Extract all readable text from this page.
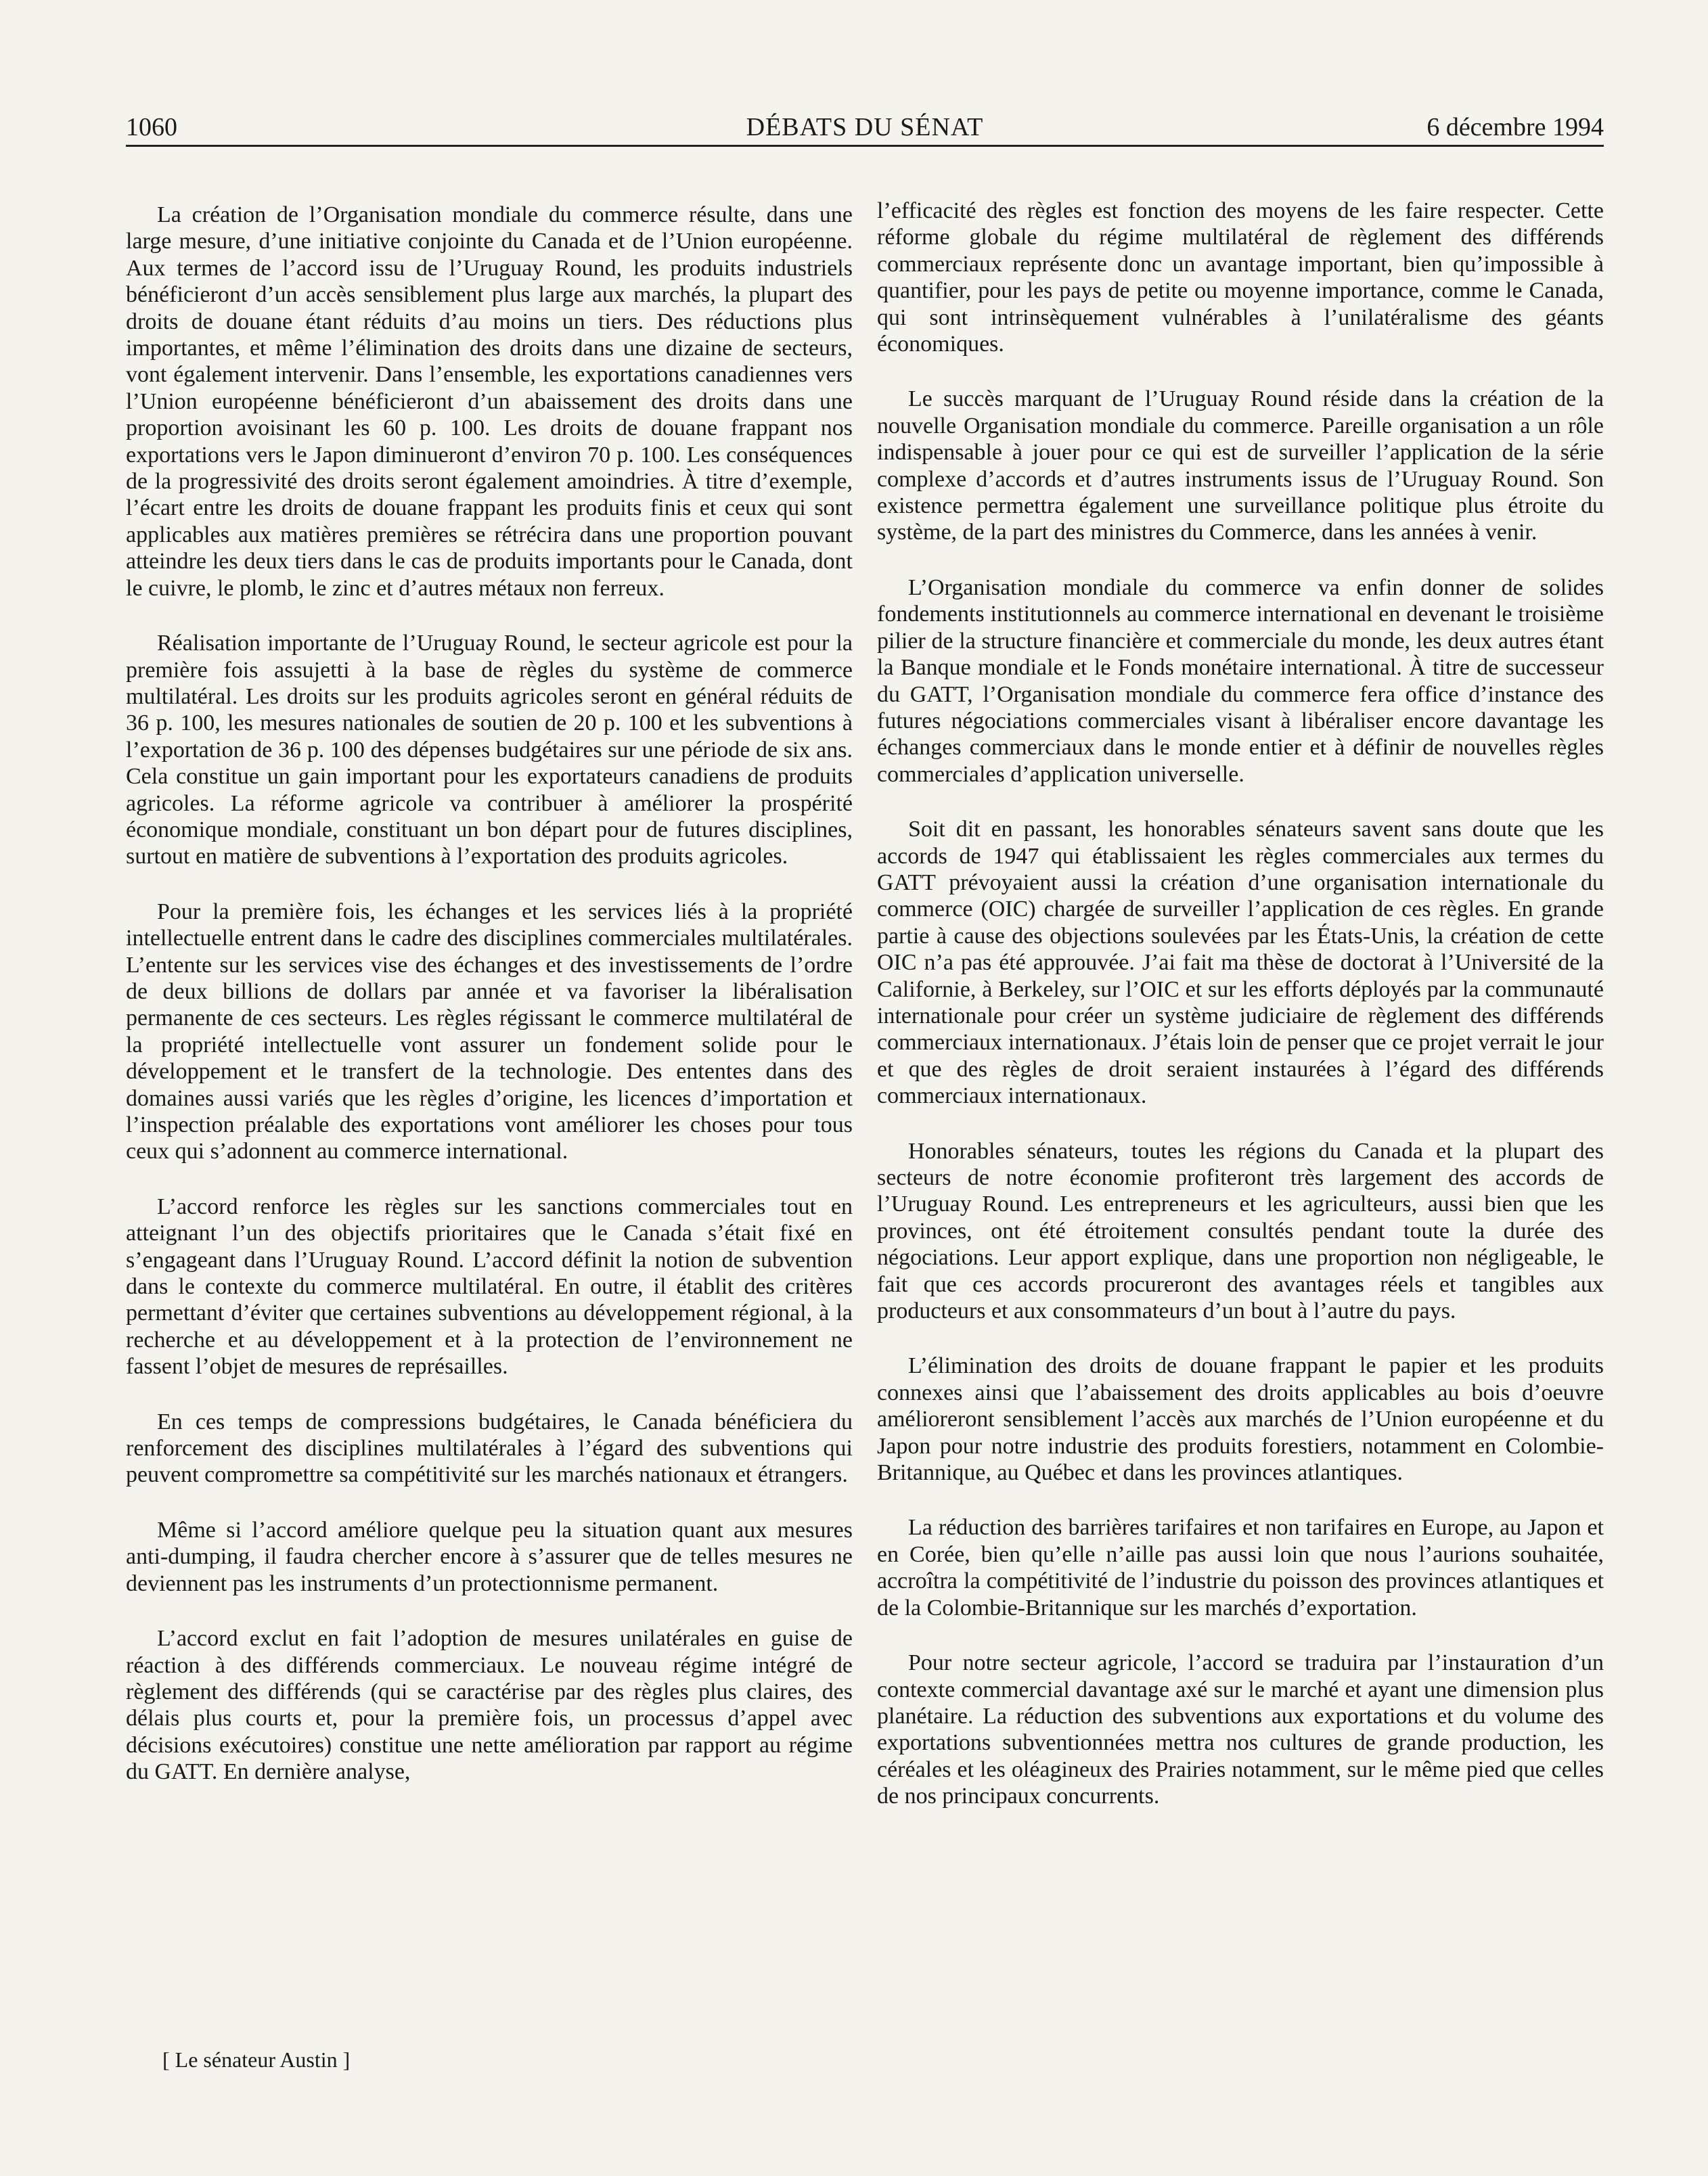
1060	DÉBATS DU SÉNAT	6 décembre 1994

La création de l’Organisation mondiale du commerce résulte, dans une large mesure, d’une initiative conjointe du Canada et de l’Union européenne. Aux termes de l’accord issu de l’Uruguay Round, les produits industriels bénéficieront d’un accès sensiblement plus large aux marchés, la plupart des droits de douane étant réduits d’au moins un tiers. Des réductions plus importantes, et même l’élimination des droits dans une dizaine de secteurs, vont également intervenir. Dans l’ensemble, les exportations canadiennes vers l’Union européenne bénéficieront d’un abaissement des droits dans une proportion avoisinant les 60 p. 100. Les droits de douane frappant nos exportations vers le Japon diminueront d’environ 70 p. 100. Les conséquences de la progressivité des droits seront également amoindries. À titre d’exemple, l’écart entre les droits de douane frappant les produits finis et ceux qui sont applicables aux matières premières se rétrécira dans une proportion pouvant atteindre les deux tiers dans le cas de produits importants pour le Canada, dont le cuivre, le plomb, le zinc et d’autres métaux non ferreux.

Réalisation importante de l’Uruguay Round, le secteur agricole est pour la première fois assujetti à la base de règles du système de commerce multilatéral. Les droits sur les produits agricoles seront en général réduits de 36 p. 100, les mesures nationales de soutien de 20 p. 100 et les subventions à l’exportation de 36 p. 100 des dépenses budgétaires sur une période de six ans. Cela constitue un gain important pour les exportateurs canadiens de produits agricoles. La réforme agricole va contribuer à améliorer la prospérité économique mondiale, constituant un bon départ pour de futures disciplines, surtout en matière de subventions à l’exportation des produits agricoles.

Pour la première fois, les échanges et les services liés à la propriété intellectuelle entrent dans le cadre des disciplines commerciales multilatérales. L’entente sur les services vise des échanges et des investissements de l’ordre de deux billions de dollars par année et va favoriser la libéralisation permanente de ces secteurs. Les règles régissant le commerce multilatéral de la propriété intellectuelle vont assurer un fondement solide pour le développement et le transfert de la technologie. Des ententes dans des domaines aussi variés que les règles d’origine, les licences d’importation et l’inspection préalable des exportations vont améliorer les choses pour tous ceux qui s’adonnent au commerce international.

L’accord renforce les règles sur les sanctions commerciales tout en atteignant l’un des objectifs prioritaires que le Canada s’était fixé en s’engageant dans l’Uruguay Round. L’accord définit la notion de subvention dans le contexte du commerce multilatéral. En outre, il établit des critères permettant d’éviter que certaines subventions au développement régional, à la recherche et au développement et à la protection de l’environnement ne fassent l’objet de mesures de représailles.

En ces temps de compressions budgétaires, le Canada bénéficiera du renforcement des disciplines multilatérales à l’égard des subventions qui peuvent compromettre sa compétitivité sur les marchés nationaux et étrangers.

Même si l’accord améliore quelque peu la situation quant aux mesures anti-dumping, il faudra chercher encore à s’assurer que de telles mesures ne deviennent pas les instruments d’un protectionnisme permanent.

L’accord exclut en fait l’adoption de mesures unilatérales en guise de réaction à des différends commerciaux. Le nouveau régime intégré de règlement des différends (qui se caractérise par des règles plus claires, des délais plus courts et, pour la première fois, un processus d’appel avec décisions exécutoires) constitue une nette amélioration par rapport au régime du GATT. En dernière analyse,

l’efficacité des règles est fonction des moyens de les faire respecter. Cette réforme globale du régime multilatéral de règlement des différends commerciaux représente donc un avantage important, bien qu’impossible à quantifier, pour les pays de petite ou moyenne importance, comme le Canada, qui sont intrinsèquement vulnérables à l’unilatéralisme des géants économiques.

Le succès marquant de l’Uruguay Round réside dans la création de la nouvelle Organisation mondiale du commerce. Pareille organisation a un rôle indispensable à jouer pour ce qui est de surveiller l’application de la série complexe d’accords et d’autres instruments issus de l’Uruguay Round. Son existence permettra également une surveillance politique plus étroite du système, de la part des ministres du Commerce, dans les années à venir.

L’Organisation mondiale du commerce va enfin donner de solides fondements institutionnels au commerce international en devenant le troisième pilier de la structure financière et commerciale du monde, les deux autres étant la Banque mondiale et le Fonds monétaire international. À titre de successeur du GATT, l’Organisation mondiale du commerce fera office d’instance des futures négociations commerciales visant à libéraliser encore davantage les échanges commerciaux dans le monde entier et à définir de nouvelles règles commerciales d’application universelle.

Soit dit en passant, les honorables sénateurs savent sans doute que les accords de 1947 qui établissaient les règles commerciales aux termes du GATT prévoyaient aussi la création d’une organisation internationale du commerce (OIC) chargée de surveiller l’application de ces règles. En grande partie à cause des objections soulevées par les États-Unis, la création de cette OIC n’a pas été approuvée. J’ai fait ma thèse de doctorat à l’Université de la Californie, à Berkeley, sur l’OIC et sur les efforts déployés par la communauté internationale pour créer un système judiciaire de règlement des différends commerciaux internationaux. J’étais loin de penser que ce projet verrait le jour et que des règles de droit seraient instaurées à l’égard des différends commerciaux internationaux.

Honorables sénateurs, toutes les régions du Canada et la plupart des secteurs de notre économie profiteront très largement des accords de l’Uruguay Round. Les entrepreneurs et les agriculteurs, aussi bien que les provinces, ont été étroitement consultés pendant toute la durée des négociations. Leur apport explique, dans une proportion non négligeable, le fait que ces accords procureront des avantages réels et tangibles aux producteurs et aux consommateurs d’un bout à l’autre du pays.

L’élimination des droits de douane frappant le papier et les produits connexes ainsi que l’abaissement des droits applicables au bois d’oeuvre amélioreront sensiblement l’accès aux marchés de l’Union européenne et du Japon pour notre industrie des produits forestiers, notamment en Colombie-Britannique, au Québec et dans les provinces atlantiques.

La réduction des barrières tarifaires et non tarifaires en Europe, au Japon et en Corée, bien qu’elle n’aille pas aussi loin que nous l’aurions souhaitée, accroîtra la compétitivité de l’industrie du poisson des provinces atlantiques et de la Colombie-Britannique sur les marchés d’exportation.

Pour notre secteur agricole, l’accord se traduira par l’instauration d’un contexte commercial davantage axé sur le marché et ayant une dimension plus planétaire. La réduction des subventions aux exportations et du volume des exportations subventionnées mettra nos cultures de grande production, les céréales et les oléagineux des Prairies notamment, sur le même pied que celles de nos principaux concurrents.

[ Le sénateur Austin ]
